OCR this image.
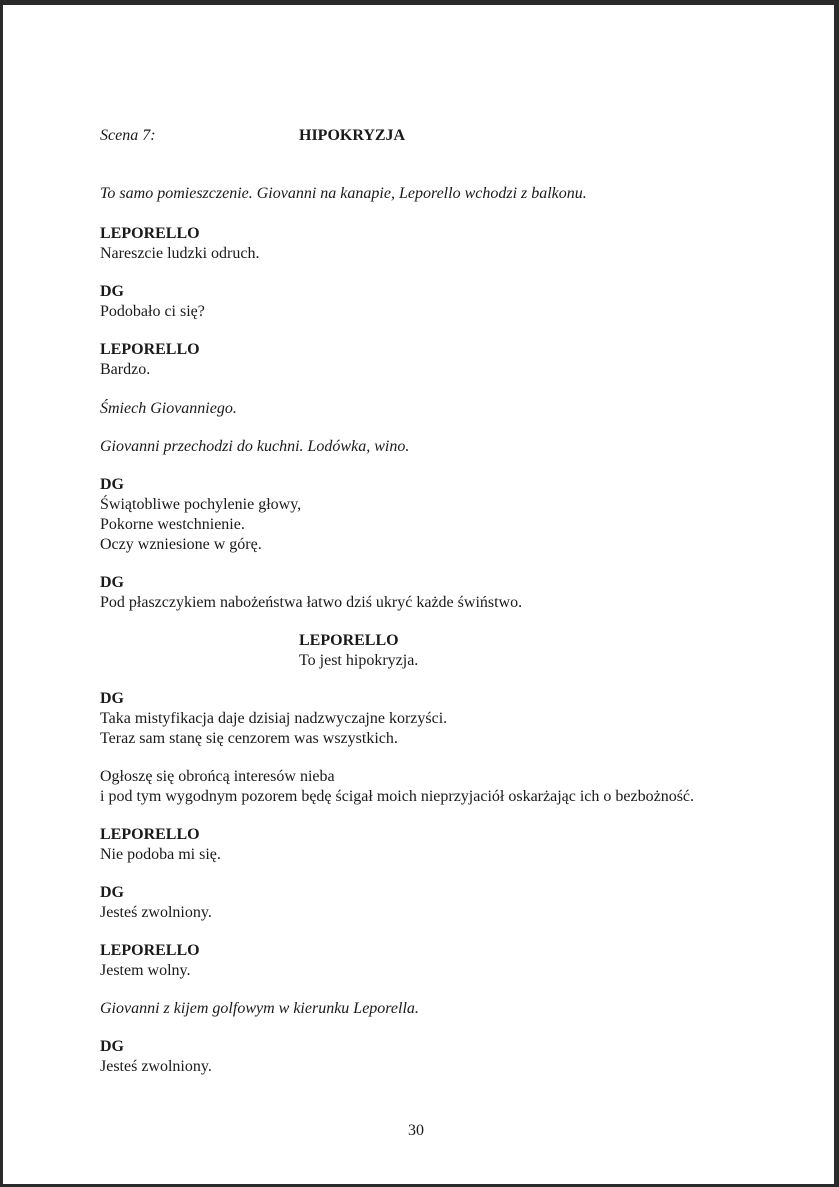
Scena 7:	HIPOKRYZJA
To samo pomieszczenie. Giovanni na kanapie, Leporello wchodzi z balkonu.
LEPORELLO
Nareszcie ludzki odruch.
DG
Podobało ci się?
LEPORELLO
Bardzo.
Śmiech Giovanniego.
Giovanni przechodzi do kuchni. Lodówka, wino.
DG
Świątobliwe pochylenie głowy,
Pokorne westchnienie.
Oczy wzniesione w górę.
DG
Pod płaszczykiem nabożeństwa łatwo dziś ukryć każde świństwo.
LEPORELLO
To jest hipokryzja.
DG
Taka mistyfikacja daje dzisiaj nadzwyczajne korzyści.
Teraz sam stanę się cenzorem was wszystkich.
Ogłoszę się obrońcą interesów nieba
i pod tym wygodnym pozorem będę ścigał moich nieprzyjaciół oskarżając ich o bezbożność.
LEPORELLO
Nie podoba mi się.
DG
Jesteś zwolniony.
LEPORELLO
Jestem wolny.
Giovanni z kijem golfowym w kierunku Leporella.
DG
Jesteś zwolniony.
30
